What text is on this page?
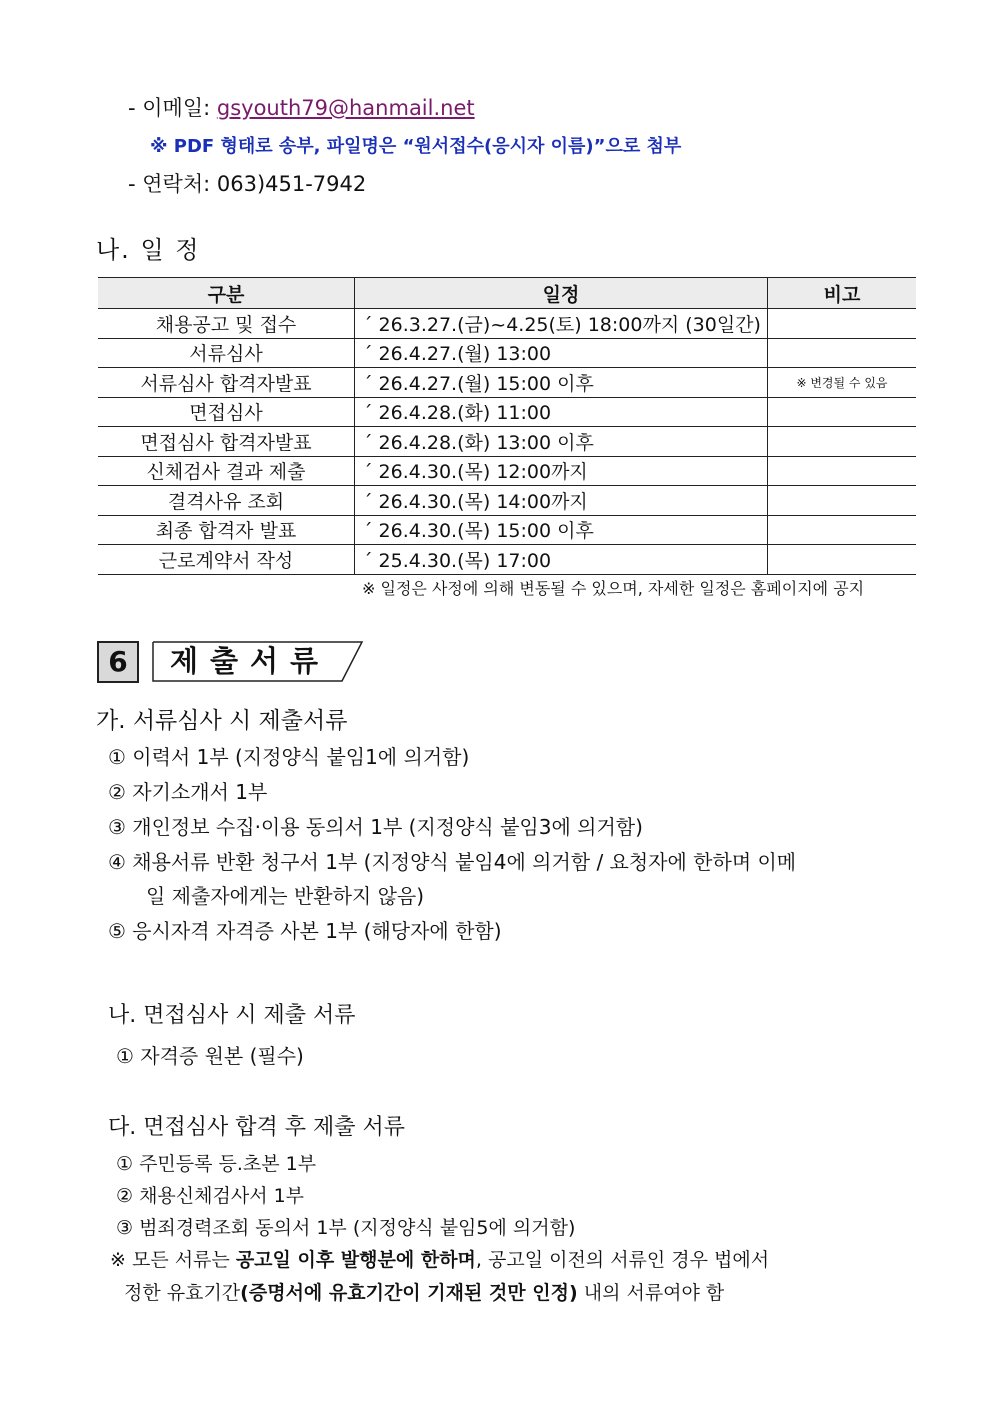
- 이메일: gsyouth79@hanmail.net
※ PDF 형태로 송부, 파일명은 “원서접수(응시자 이름)”으로 첨부
- 연락처: 063)451-7942
나. 일 정
구분	일정	비고
채용공고 및 접수	´ 26.3.27.(금)~4.25(토) 18:00까지 (30일간)	
서류심사	´ 26.4.27.(월) 13:00	
서류심사 합격자발표	´ 26.4.27.(월) 15:00 이후	※ 변경될 수 있음
면접심사	´ 26.4.28.(화) 11:00	
면접심사 합격자발표	´ 26.4.28.(화) 13:00 이후	
신체검사 결과 제출	´ 26.4.30.(목) 12:00까지	
결격사유 조회	´ 26.4.30.(목) 14:00까지	
최종 합격자 발표	´ 26.4.30.(목) 15:00 이후	
근로계약서 작성	´ 25.4.30.(목) 17:00	
※ 일정은 사정에 의해 변동될 수 있으며, 자세한 일정은 홈페이지에 공지
6	제출서류
가. 서류심사 시 제출서류
① 이력서 1부 (지정양식 붙임1에 의거함)
② 자기소개서 1부
③ 개인정보 수집·이용 동의서 1부 (지정양식 붙임3에 의거함)
④ 채용서류 반환 청구서 1부 (지정양식 붙임4에 의거함 / 요청자에 한하며 이메
일 제출자에게는 반환하지 않음)
⑤ 응시자격 자격증 사본 1부 (해당자에 한함)
나. 면접심사 시 제출 서류
① 자격증 원본 (필수)
다. 면접심사 합격 후 제출 서류
① 주민등록 등.초본 1부
② 채용신체검사서 1부
③ 범죄경력조회 동의서 1부 (지정양식 붙임5에 의거함)
※ 모든 서류는 공고일 이후 발행분에 한하며, 공고일 이전의 서류인 경우 법에서
정한 유효기간(증명서에 유효기간이 기재된 것만 인정) 내의 서류여야 함
